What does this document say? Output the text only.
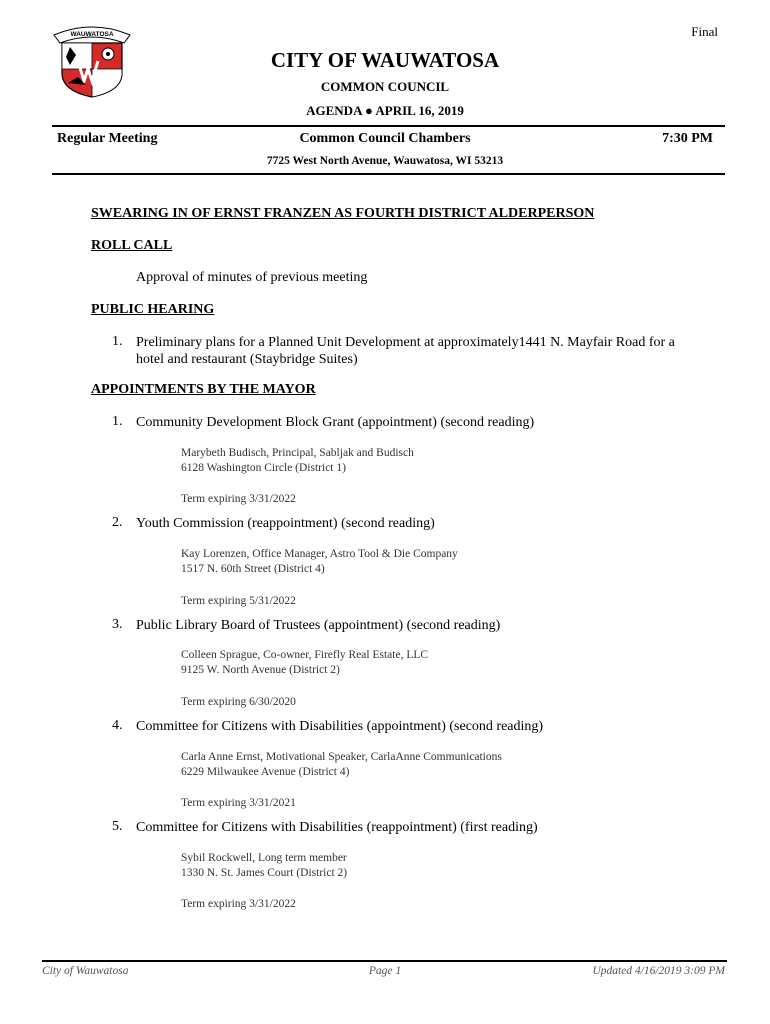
Final
WAUWATOSA
CITY OF WAUWATOSA
COMMON COUNCIL
AGENDA ● APRIL 16, 2019
Regular Meeting	Common Council Chambers	7:30 PM
7725 West North Avenue, Wauwatosa, WI 53213
SWEARING IN OF ERNST FRANZEN AS FOURTH DISTRICT ALDERPERSON
ROLL CALL
Approval of minutes of previous meeting
PUBLIC HEARING
1. Preliminary plans for a Planned Unit Development at approximately1441 N. Mayfair Road for a
hotel and restaurant (Staybridge Suites)
APPOINTMENTS BY THE MAYOR
1. Community Development Block Grant (appointment) (second reading)
Marybeth Budisch, Principal, Sabljak and Budisch
6128 Washington Circle (District 1)
Term expiring 3/31/2022
2. Youth Commission (reappointment) (second reading)
Kay Lorenzen, Office Manager, Astro Tool & Die Company
1517 N. 60th Street (District 4)
Term expiring 5/31/2022
3. Public Library Board of Trustees (appointment) (second reading)
Colleen Sprague, Co-owner, Firefly Real Estate, LLC
9125 W. North Avenue (District 2)
Term expiring 6/30/2020
4. Committee for Citizens with Disabilities (appointment) (second reading)
Carla Anne Ernst, Motivational Speaker, CarlaAnne Communications
6229 Milwaukee Avenue (District 4)
Term expiring 3/31/2021
5. Committee for Citizens with Disabilities (reappointment) (first reading)
Sybil Rockwell, Long term member
1330 N. St. James Court (District 2)
Term expiring 3/31/2022
City of Wauwatosa	Page 1	Updated 4/16/2019 3:09 PM
